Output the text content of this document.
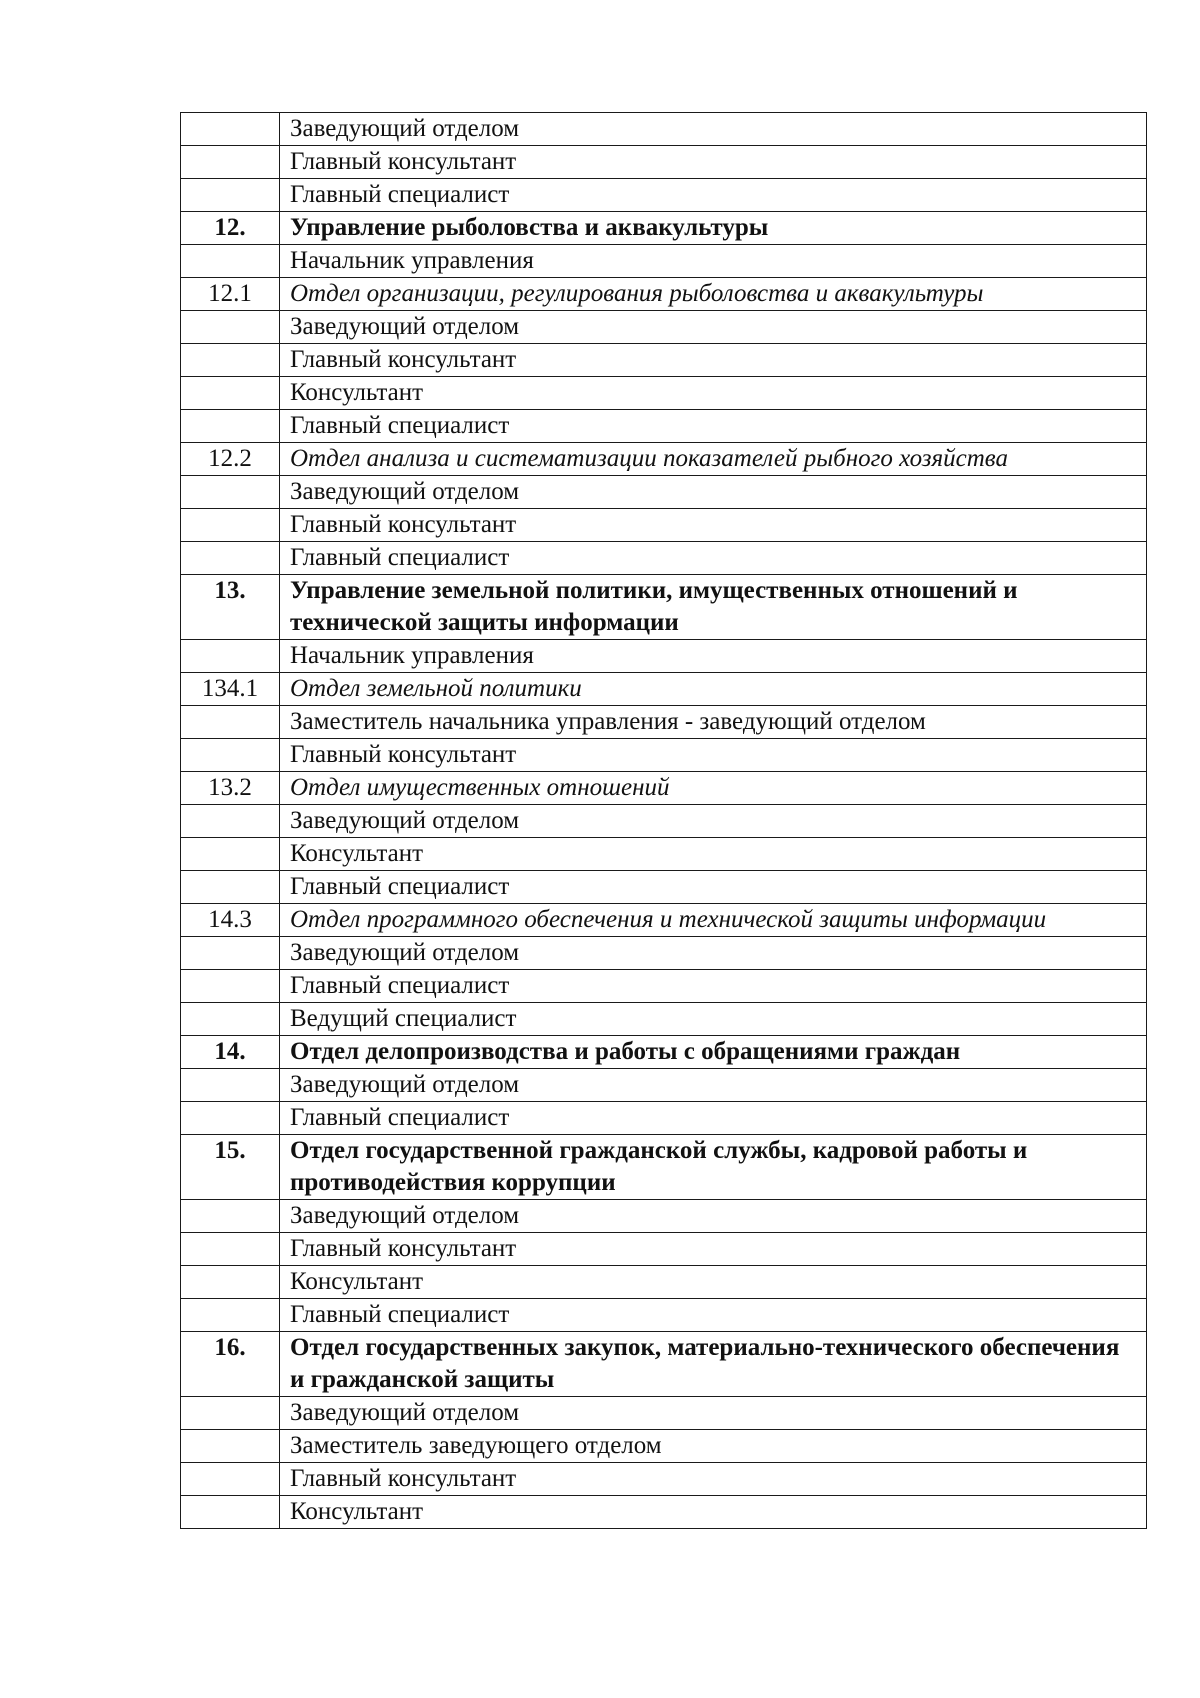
	Заведующий отделом
	Главный консультант
	Главный специалист
12.	Управление рыболовства и аквакультуры
	Начальник управления
12.1	Отдел организации, регулирования рыболовства и аквакультуры
	Заведующий отделом
	Главный консультант
	Консультант
	Главный специалист
12.2	Отдел анализа и систематизации показателей рыбного хозяйства
	Заведующий отделом
	Главный консультант
	Главный специалист
13.	Управление земельной политики, имущественных отношений и технической защиты информации
	Начальник управления
134.1	Отдел земельной политики
	Заместитель начальника управления - заведующий отделом
	Главный консультант
13.2	Отдел имущественных отношений
	Заведующий отделом
	Консультант
	Главный специалист
14.3	Отдел программного обеспечения и технической защиты информации
	Заведующий отделом
	Главный специалист
	Ведущий специалист
14.	Отдел делопроизводства и работы с обращениями граждан
	Заведующий отделом
	Главный специалист
15.	Отдел государственной гражданской службы, кадровой работы и противодействия коррупции
	Заведующий отделом
	Главный консультант
	Консультант
	Главный специалист
16.	Отдел государственных закупок, материально-технического обеспечения и гражданской защиты
	Заведующий отделом
	Заместитель заведующего отделом
	Главный консультант
	Консультант
